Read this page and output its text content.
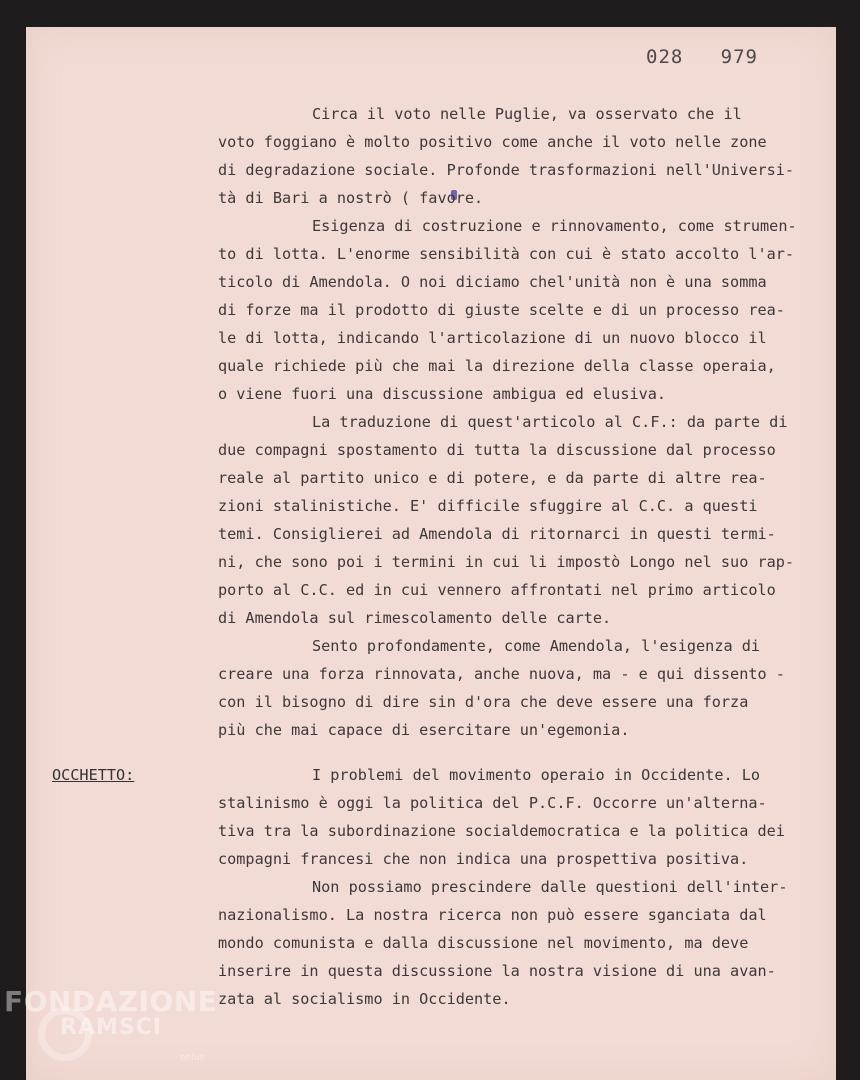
028   979
OCCHETTO:
Circa il voto nelle Puglie, va osservato che il
voto foggiano è molto positivo come anche il voto nelle zone
di degradazione sociale. Profonde trasformazioni nell'Universi-
tà di Bari a nostrò ( favore.
Esigenza di costruzione e rinnovamento, come strumen-
to di lotta. L'enorme sensibilità con cui è stato accolto l'ar-
ticolo di Amendola. O noi diciamo chel'unità non è una somma
di forze ma il prodotto di giuste scelte e di un processo rea-
le di lotta, indicando l'articolazione di un nuovo blocco il
quale richiede più che mai la direzione della classe operaia,
o viene fuori una discussione ambigua ed elusiva.
La traduzione di quest'articolo al C.F.: da parte di
due compagni spostamento di tutta la discussione dal processo
reale al partito unico e di potere, e da parte di altre rea-
zioni stalinistiche. E' difficile sfuggire al C.C. a questi
temi. Consiglierei ad Amendola di ritornarci in questi termi-
ni, che sono poi i termini in cui li impostò Longo nel suo rap-
porto al C.C. ed in cui vennero affrontati nel primo articolo
di Amendola sul rimescolamento delle carte.
Sento profondamente, come Amendola, l'esigenza di
creare una forza rinnovata, anche nuova, ma - e qui dissento -
con il bisogno di dire sin d'ora che deve essere una forza
più che mai capace di esercitare un'egemonia.
I problemi del movimento operaio in Occidente. Lo
stalinismo è oggi la politica del P.C.F. Occorre un'alterna-
tiva tra la subordinazione socialdemocratica e la politica dei
compagni francesi che non indica una prospettiva positiva.
Non possiamo prescindere dalle questioni dell'inter-
nazionalismo. La nostra ricerca non può essere sganciata dal
mondo comunista e dalla discussione nel movimento, ma deve
inserire in questa discussione la nostra visione di una avan-
zata al socialismo in Occidente.
FONDAZIONE
RAMSCI
onlus
